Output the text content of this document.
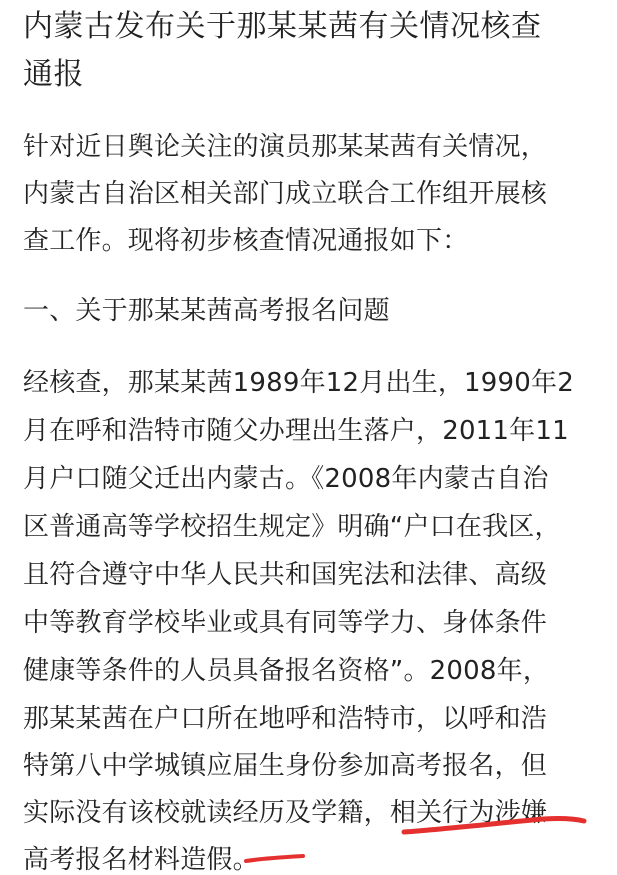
内蒙古发布关于那某某茜有关情况核查
通报
针对近日舆论关注的演员那某某茜有关情况，
内蒙古自治区相关部门成立联合工作组开展核
查工作。现将初步核查情况通报如下：
一、关于那某某茜高考报名问题
经核查，那某某茜1989年12月出生，1990年2
月在呼和浩特市随父办理出生落户，2011年11
月户口随父迁出内蒙古。《2008年内蒙古自治
区普通高等学校招生规定》明确“户口在我区，
且符合遵守中华人民共和国宪法和法律、高级
中等教育学校毕业或具有同等学力、身体条件
健康等条件的人员具备报名资格”。2008年，
那某某茜在户口所在地呼和浩特市，以呼和浩
特第八中学城镇应届生身份参加高考报名，但
实际没有该校就读经历及学籍，相关行为涉嫌
高考报名材料造假。
